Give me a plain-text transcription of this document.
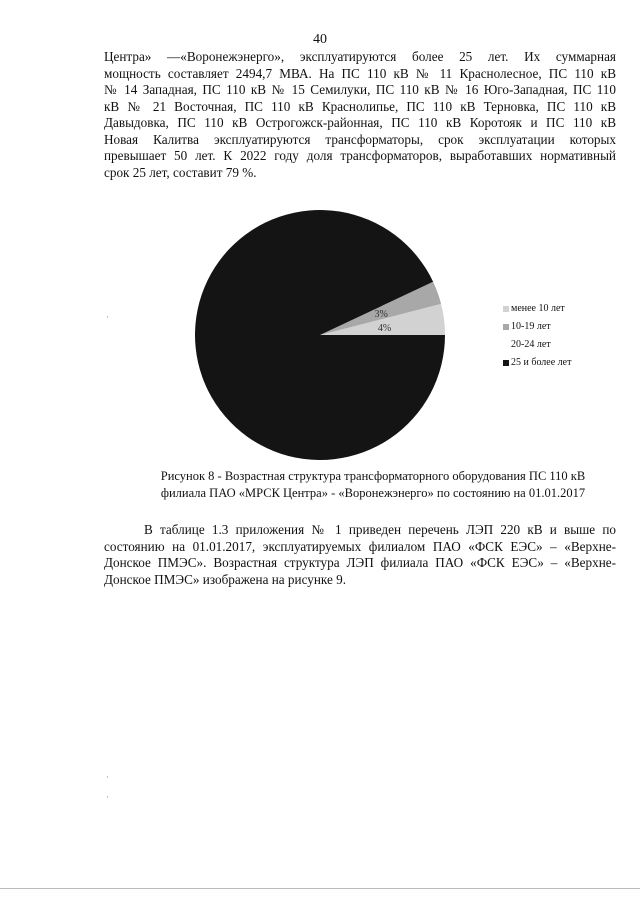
40

Центра» —«Воронежэнерго», эксплуатируются более 25 лет. Их суммарная
мощность составляет 2494,7 МВА. На ПС 110 кВ № 11 Краснолесное, ПС 110 кВ
№ 14 Западная, ПС 110 кВ № 15 Семилуки, ПС 110 кВ № 16 Юго-Западная, ПС 110
кВ № 21 Восточная, ПС 110 кВ Краснолипье, ПС 110 кВ Терновка, ПС 110 кВ
Давыдовка, ПС 110 кВ Острогожск-районная, ПС 110 кВ Коротояк и ПС 110 кВ
Новая Калитва эксплуатируются трансформаторы, срок эксплуатации которых
превышает 50 лет. К 2022 году доля трансформаторов, выработавших нормативный
срок 25 лет, составит 79 %.

4%
3%
менее 10 лет
10-19 лет
20-24 лет
25 и более лет
Рисунок 8 - Возрастная структура трансформаторного оборудования ПС 110 кВ
филиала ПАО «МРСК Центра» - «Воронежэнерго» по состоянию на 01.01.2017

В таблице 1.3 приложения № 1 приведен перечень ЛЭП 220 кВ и выше по
состоянию на 01.01.2017, эксплуатируемых филиалом ПАО «ФСК ЕЭС» – «Верхне-
Донское ПМЭС». Возрастная структура ЛЭП филиала ПАО «ФСК ЕЭС» – «Верхне-
Донское ПМЭС» изображена на рисунке 9.

·
·
·
